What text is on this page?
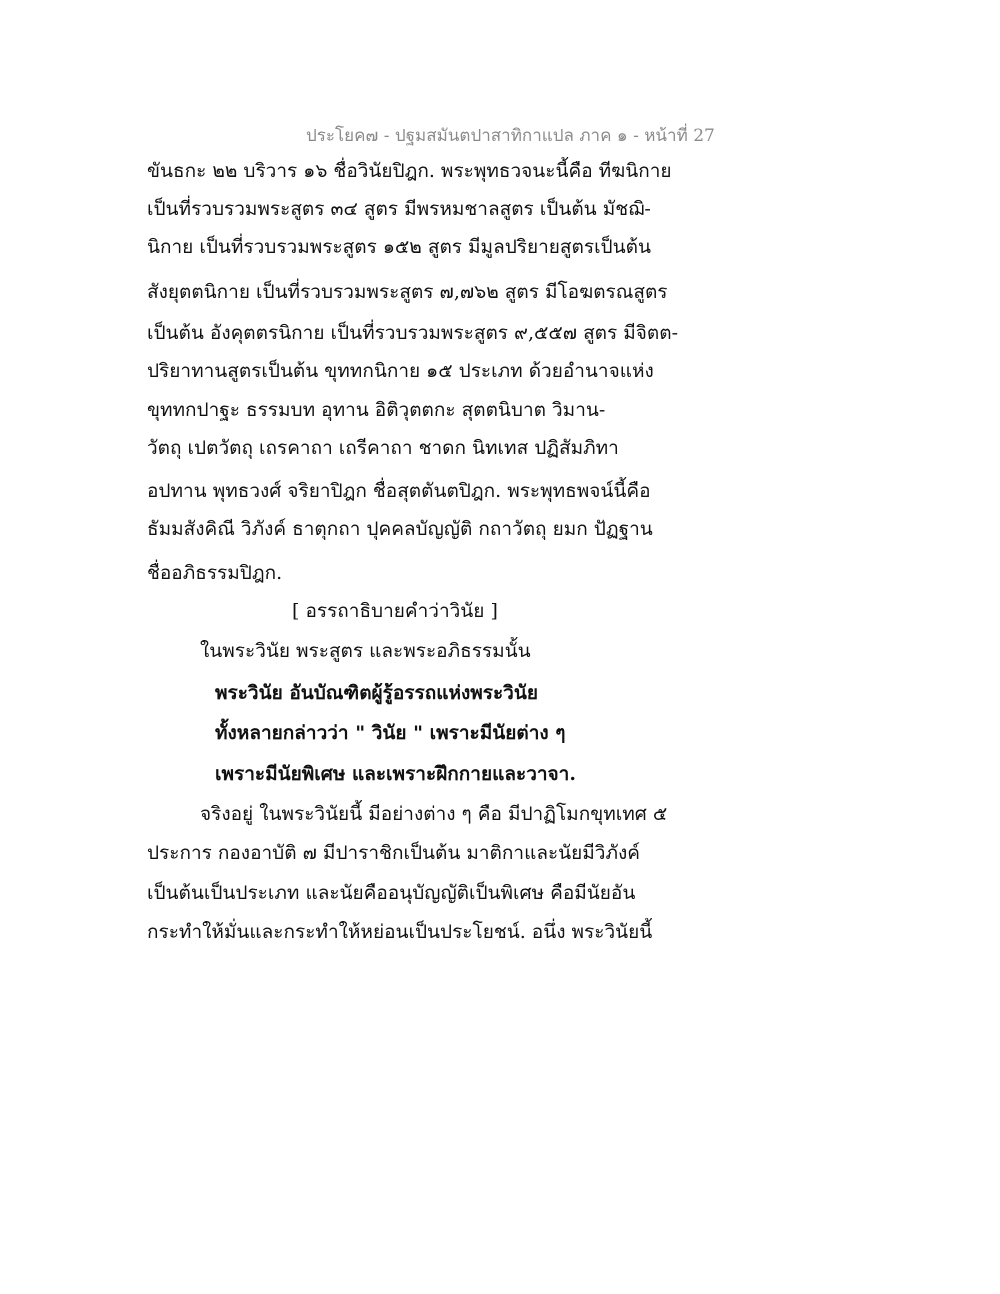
ประโยค๗ - ปฐมสมันตปาสาทิกาแปล ภาค ๑ - หน้าที่ 27
ขันธกะ ๒๒ บริวาร ๑๖ ชื่อวินัยปิฎก. พระพุทธวจนะนี้คือ ทีฆนิกาย
เป็นที่รวบรวมพระสูตร ๓๔ สูตร มีพรหมชาลสูตร เป็นต้น มัชฌิ-
นิกาย เป็นที่รวบรวมพระสูตร ๑๕๒ สูตร มีมูลปริยายสูตรเป็นต้น
สังยุตตนิกาย เป็นที่รวบรวมพระสูตร ๗,๗๖๒ สูตร มีโอฆตรณสูตร
เป็นต้น อังคุตตรนิกาย เป็นที่รวบรวมพระสูตร ๙,๕๕๗ สูตร มีจิตต-
ปริยาทานสูตรเป็นต้น ขุททกนิกาย ๑๕ ประเภท ด้วยอำนาจแห่ง
ขุททกปาฐะ ธรรมบท อุทาน อิติวุตตกะ สุตตนิบาต วิมาน-
วัตถุ เปตวัตถุ เถรคาถา เถรีคาถา ชาดก นิทเทส ปฏิสัมภิทา
อปทาน พุทธวงศ์ จริยาปิฎก ชื่อสุตตันตปิฎก. พระพุทธพจน์นี้คือ
ธัมมสังคิณี วิภังค์ ธาตุกถา ปุคคลบัญญัติ กถาวัตถุ ยมก ปัฏฐาน
ชื่ออภิธรรมปิฎก.
[ อรรถาธิบายคำว่าวินัย ]
ในพระวินัย พระสูตร และพระอภิธรรมนั้น
พระวินัย อันบัณฑิตผู้รู้อรรถแห่งพระวินัย
ทั้งหลายกล่าวว่า " วินัย " เพราะมีนัยต่าง ๆ
เพราะมีนัยพิเศษ และเพราะฝึกกายและวาจา.
จริงอยู่ ในพระวินัยนี้ มีอย่างต่าง ๆ คือ มีปาฏิโมกขุทเทศ ๕
ประการ กองอาบัติ ๗ มีปาราชิกเป็นต้น มาติกาและนัยมีวิภังค์
เป็นต้นเป็นประเภท และนัยคืออนุบัญญัติเป็นพิเศษ คือมีนัยอัน
กระทำให้มั่นและกระทำให้หย่อนเป็นประโยชน์. อนึ่ง พระวินัยนี้
